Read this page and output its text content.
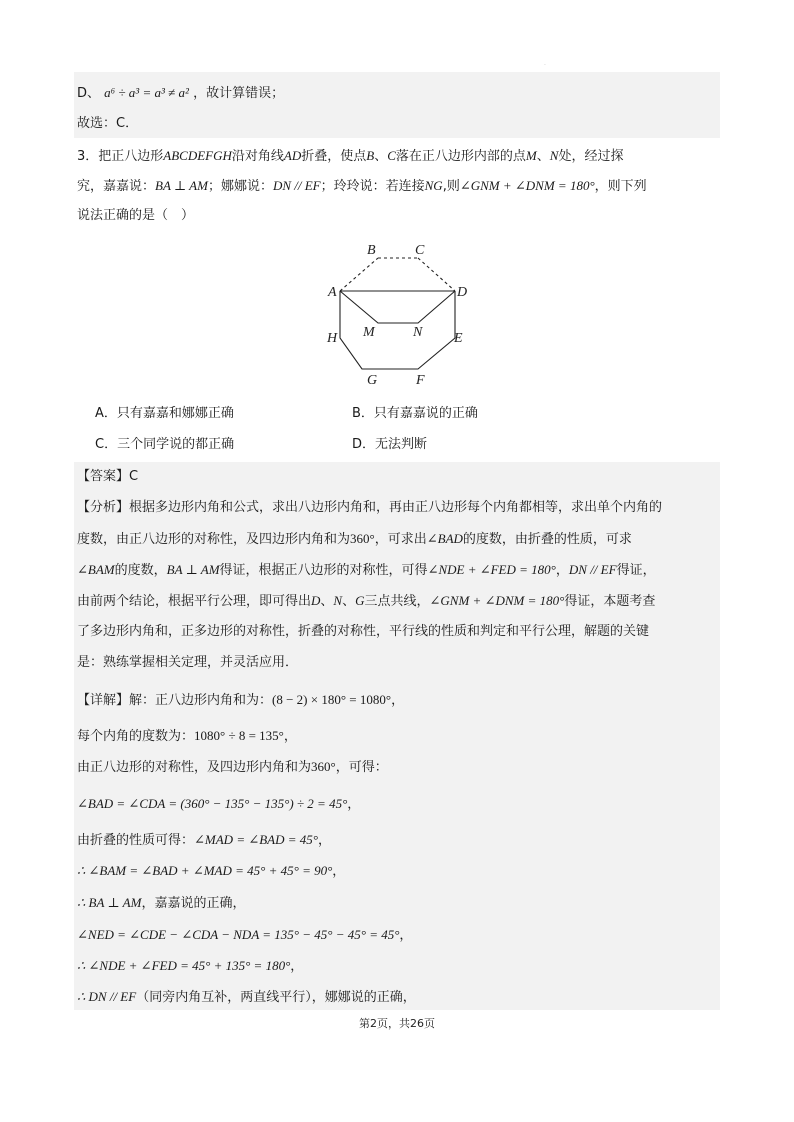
·
D、 a⁶ ÷ a³ = a³ ≠ a² ，故计算错误；
故选：C．
3．把正八边形ABCDEFGH沿对角线AD折叠，使点B、C落在正八边形内部的点M、N处，经过探
究，嘉嘉说：BA ⊥ AM；娜娜说：DN // EF；玲玲说：若连接NG,则∠GNM + ∠DNM = 180°，则下列
说法正确的是（　）
B	C
A	D
M	N
H	E
G	F
A．只有嘉嘉和娜娜正确	B．只有嘉嘉说的正确
C．三个同学说的都正确	D．无法判断
【答案】C
【分析】根据多边形内角和公式，求出八边形内角和，再由正八边形每个内角都相等，求出单个内角的
度数，由正八边形的对称性，及四边形内角和为360°，可求出∠BAD的度数，由折叠的性质，可求
∠BAM的度数，BA ⊥ AM得证，根据正八边形的对称性，可得∠NDE + ∠FED = 180°，DN // EF得证，
由前两个结论，根据平行公理，即可得出D、N、G三点共线，∠GNM + ∠DNM = 180°得证，本题考查
了多边形内角和，正多边形的对称性，折叠的对称性，平行线的性质和判定和平行公理，解题的关键
是：熟练掌握相关定理，并灵活应用．
【详解】解：正八边形内角和为：(8 − 2) × 180° = 1080°，
每个内角的度数为：1080° ÷ 8 = 135°，
由正八边形的对称性，及四边形内角和为360°，可得：
∠BAD = ∠CDA = (360° − 135° − 135°) ÷ 2 = 45°，
由折叠的性质可得：∠MAD = ∠BAD = 45°，
∴ ∠BAM = ∠BAD + ∠MAD = 45° + 45° = 90°，
∴ BA ⊥ AM，嘉嘉说的正确，
∠NED = ∠CDE − ∠CDA − NDA = 135° − 45° − 45° = 45°，
∴ ∠NDE + ∠FED = 45° + 135° = 180°，
∴ DN // EF（同旁内角互补，两直线平行），娜娜说的正确，
第2页，共26页
